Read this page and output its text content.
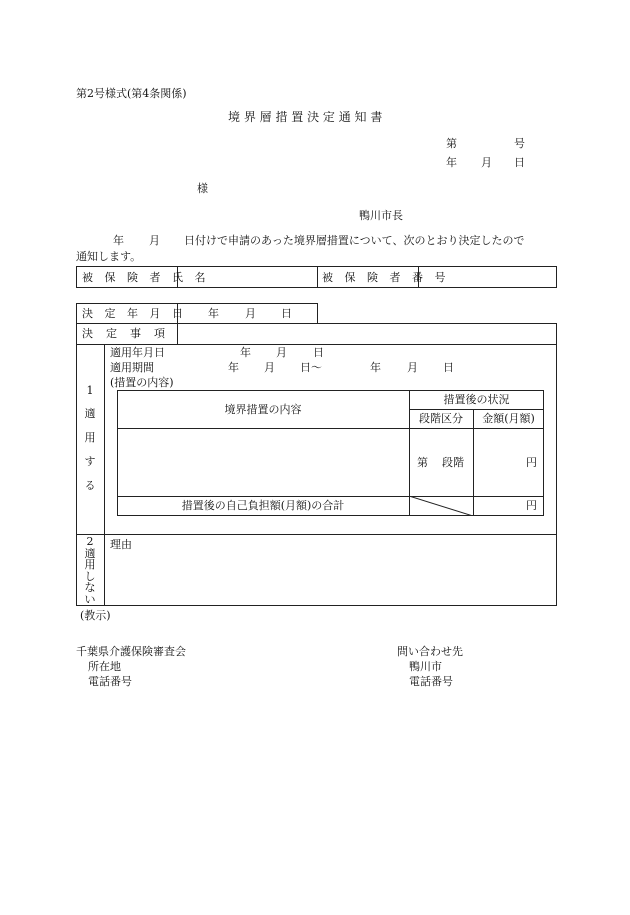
第2号様式(第4条関係)
境 界 層 措 置 決 定 通 知 書
第	号
年 月 日
様
鴨川市長
年 月 日付けで申請のあった境界層措置について、次のとおり決定したので
通知します。
被 保 険 者 氏 名	被 保 険 者 番 号
決 定 年 月 日 年 月 日
決　定　事　項
1
適
用
す
る
適用年月日	年 月 日
適用期間	年 月 日〜	年 月 日
(措置の内容)
境界措置の内容
措置後の状況
段階区分	金額(月額)
第 段階	円
措置後の自己負担額(月額)の合計	円
2
適
用
し
な
い
理由
(教示)
千葉県介護保険審査会
所在地
電話番号
問い合わせ先
鴨川市
電話番号
